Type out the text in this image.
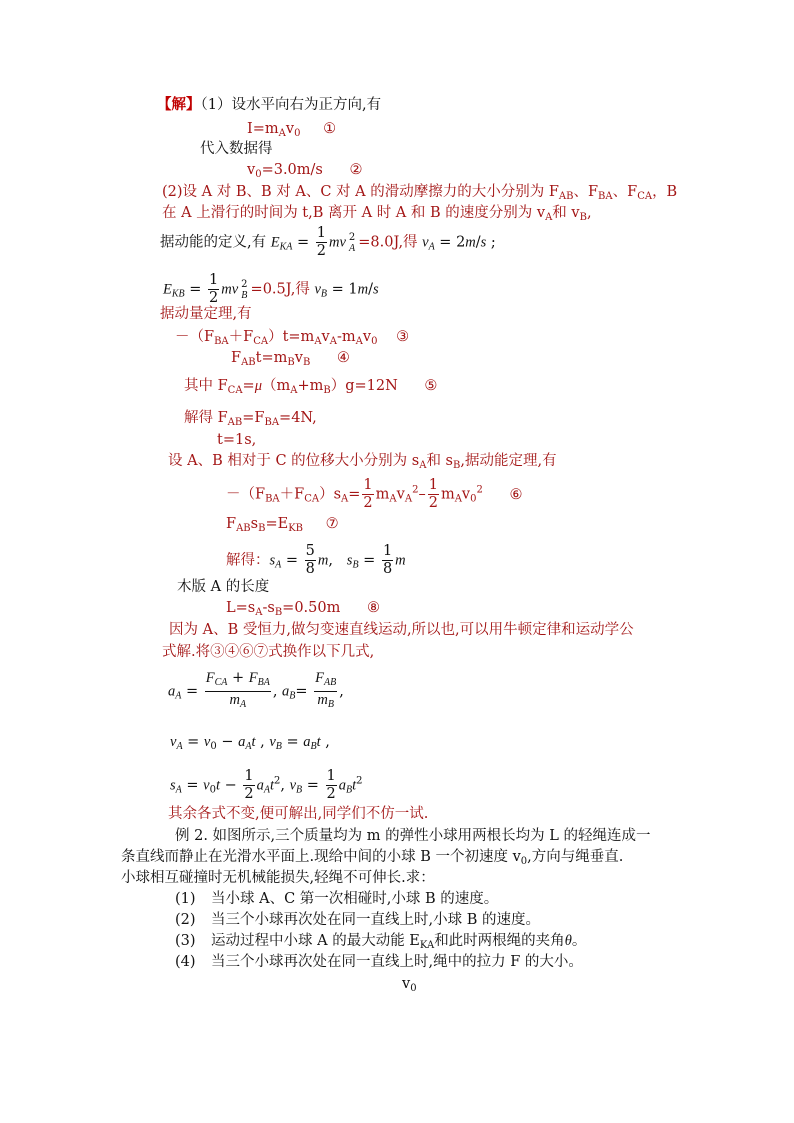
【解】（1）设水平向右为正方向,有
$I=m_Av_0$ ①
代入数据得
$v_0=3.0m/s$ ②
(2)设 A 对 B、B 对 A、C 对 A 的滑动摩擦力的大小分别为 $F_{AB}$、$F_{BA}$、$F_{CA}$，B
在 A 上滑行的时间为 t,B 离开 A 时 A 和 B 的速度分别为 $v_A$和 $v_B$,
据动能的定义,有 $E_{KA} = \frac{1}{2}$ mv 2
A =8.0J,得 $v_A = 2m/s$ ;
$E_{KB} = \frac{1}{2}$ mv 2
B =0.5J,得 $v_B = 1m/s$
据动量定理,有
$-(F_{BA}+F_{CA})t=m_Av_A-m_Av_0$ ③
$F_{AB}t=m_Bv_B$ ④
其中 $F_{CA}=\mu(m_A+m_B)g=12N$ ⑤
解得 $F_{AB}=F_{BA}=4N$,
t=1s,
设 A、B 相对于 C 的位移大小分别为 $s_A$和 $s_B$,据动能定理,有
$-(F_{BA}+F_{CA})s_A= \frac{1}{2} m_Av_A^2- \frac{1}{2} m_Av_0^2$ ⑥
$F_{AB}s_B=E_{KB}$ ⑦
解得：$s_A = \frac{5}{8} m$,   $s_B = \frac{1}{8}$ m
木版 A 的长度
$L=s_A-s_B=0.50m$ ⑧
因为 A、B 受恒力,做匀变速直线运动,所以也,可以用牛顿定律和运动学公
式解.将③④⑥⑦式换作以下几式,
$a_A = \frac{F_{CA} + F_{BA}}{m_A}$ , $a_B= \frac{F_{AB}}{m_B}$ ,
$v_A = v_0 - a_At$ , $v_B = a_Bt$ ,
$s_A = v_0t - \frac{1}{2} a_At^2$, $v_B = \frac{1}{2} a_Bt^2$
其余各式不变,便可解出,同学们不仿一试.
例 2. 如图所示,三个质量均为 m 的弹性小球用两根长均为 L 的轻绳连成一
条直线而静止在光滑水平面上.现给中间的小球 B 一个初速度 $v_0$,方向与绳垂直.
小球相互碰撞时无机械能损失,轻绳不可伸长.求：
(1) 当小球 A、C 第一次相碰时,小球 B 的速度。
(2) 当三个小球再次处在同一直线上时,小球 B 的速度。
(3) 运动过程中小球 A 的最大动能 $E_{KA}$和此时两根绳的夹角θ。
(4) 当三个小球再次处在同一直线上时,绳中的拉力 F 的大小。
$v_0$
